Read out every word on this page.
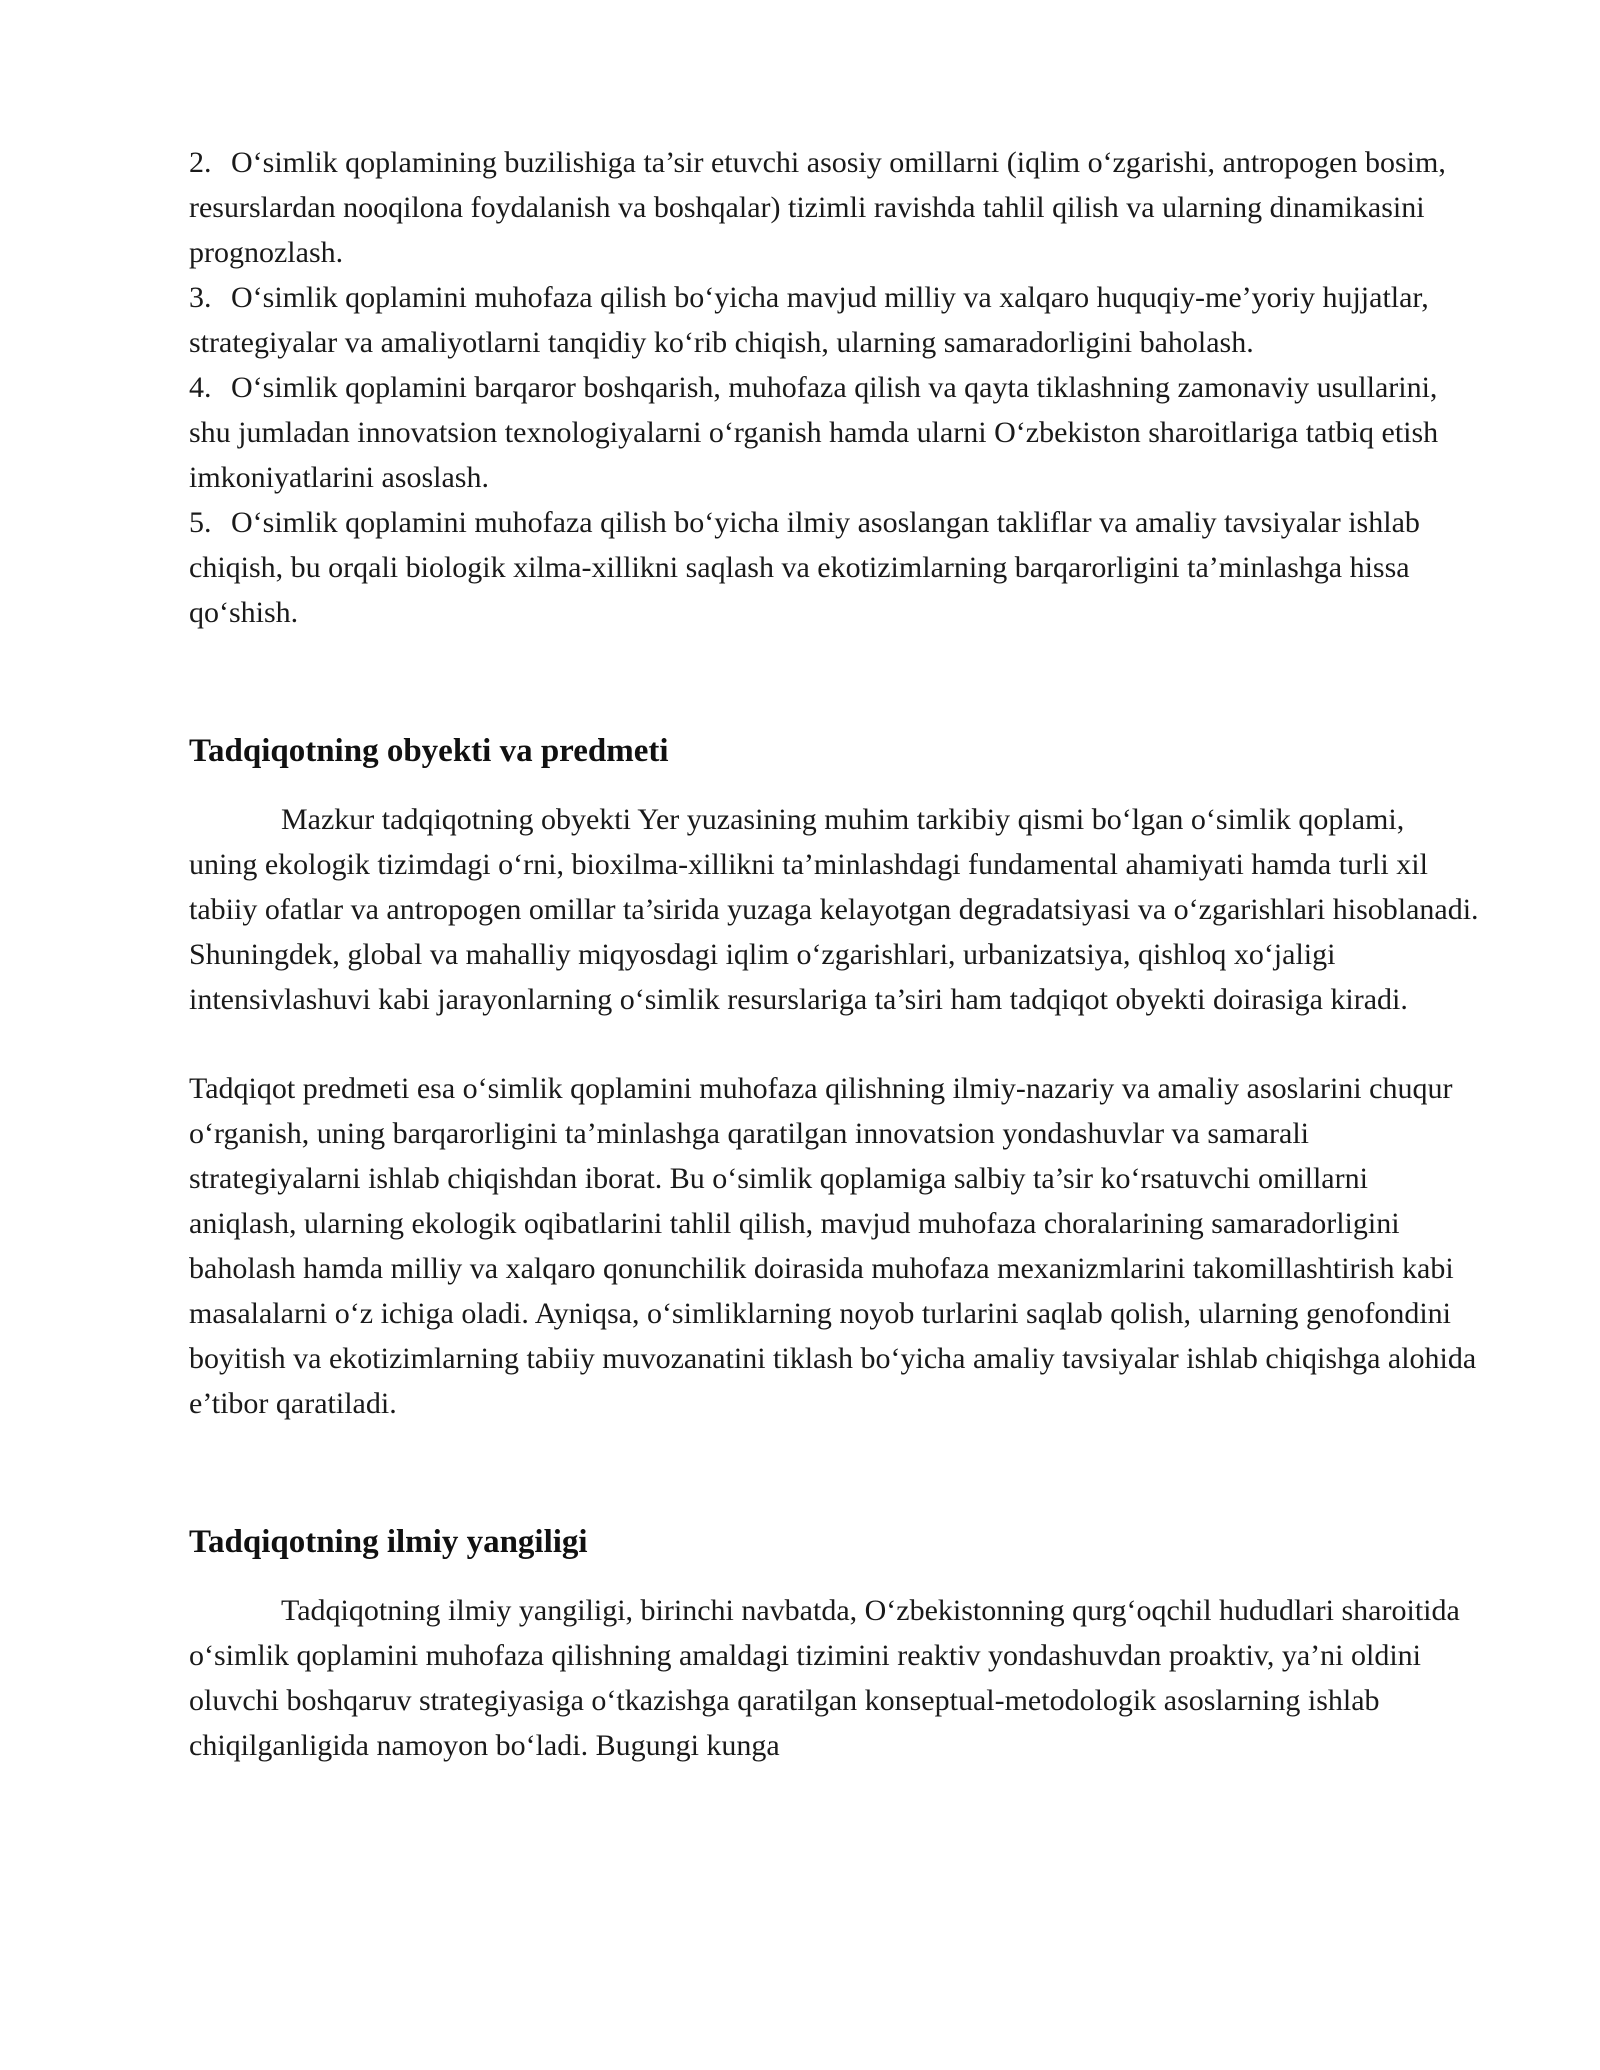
2. O‘simlik qoplamining buzilishiga ta’sir etuvchi asosiy omillarni (iqlim o‘zgarishi, antropogen bosim, resurslardan nooqilona foydalanish va boshqalar) tizimli ravishda tahlil qilish va ularning dinamikasini prognozlash.

3. O‘simlik qoplamini muhofaza qilish bo‘yicha mavjud milliy va xalqaro huquqiy-me’yoriy hujjatlar, strategiyalar va amaliyotlarni tanqidiy ko‘rib chiqish, ularning samaradorligini baholash.

4. O‘simlik qoplamini barqaror boshqarish, muhofaza qilish va qayta tiklashning zamonaviy usullarini, shu jumladan innovatsion texnologiyalarni o‘rganish hamda ularni O‘zbekiston sharoitlariga tatbiq etish imkoniyatlarini asoslash.

5. O‘simlik qoplamini muhofaza qilish bo‘yicha ilmiy asoslangan takliflar va amaliy tavsiyalar ishlab chiqish, bu orqali biologik xilma-xillikni saqlash va ekotizimlarning barqarorligini ta’minlashga hissa qo‘shish.

Tadqiqotning obyekti va predmeti

Mazkur tadqiqotning obyekti Yer yuzasining muhim tarkibiy qismi bo‘lgan o‘simlik qoplami, uning ekologik tizimdagi o‘rni, bioxilma-xillikni ta’minlashdagi fundamental ahamiyati hamda turli xil tabiiy ofatlar va antropogen omillar ta’sirida yuzaga kelayotgan degradatsiyasi va o‘zgarishlari hisoblanadi. Shuningdek, global va mahalliy miqyosdagi iqlim o‘zgarishlari, urbanizatsiya, qishloq xo‘jaligi intensivlashuvi kabi jarayonlarning o‘simlik resurslariga ta’siri ham tadqiqot obyekti doirasiga kiradi.

Tadqiqot predmeti esa o‘simlik qoplamini muhofaza qilishning ilmiy-nazariy va amaliy asoslarini chuqur o‘rganish, uning barqarorligini ta’minlashga qaratilgan innovatsion yondashuvlar va samarali strategiyalarni ishlab chiqishdan iborat. Bu o‘simlik qoplamiga salbiy ta’sir ko‘rsatuvchi omillarni aniqlash, ularning ekologik oqibatlarini tahlil qilish, mavjud muhofaza choralarining samaradorligini baholash hamda milliy va xalqaro qonunchilik doirasida muhofaza mexanizmlarini takomillashtirish kabi masalalarni o‘z ichiga oladi. Ayniqsa, o‘simliklarning noyob turlarini saqlab qolish, ularning genofondini boyitish va ekotizimlarning tabiiy muvozanatini tiklash bo‘yicha amaliy tavsiyalar ishlab chiqishga alohida e’tibor qaratiladi.

Tadqiqotning ilmiy yangiligi

Tadqiqotning ilmiy yangiligi, birinchi navbatda, O‘zbekistonning qurg‘oqchil hududlari sharoitida o‘simlik qoplamini muhofaza qilishning amaldagi tizimini reaktiv yondashuvdan proaktiv, ya’ni oldini oluvchi boshqaruv strategiyasiga o‘tkazishga qaratilgan konseptual-metodologik asoslarning ishlab chiqilganligida namoyon bo‘ladi. Bugungi kunga
